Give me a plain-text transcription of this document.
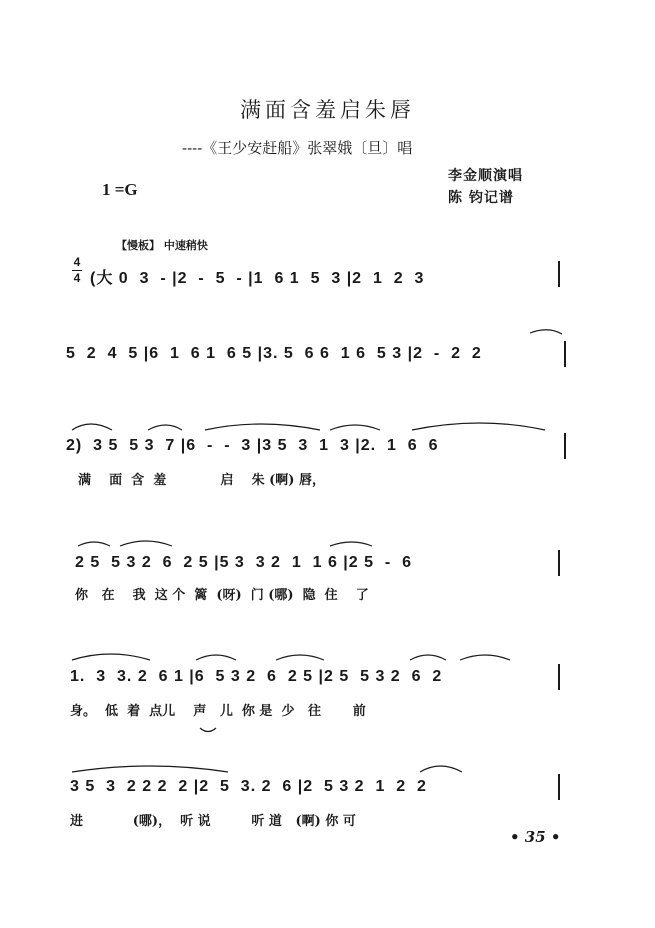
满面含羞启朱唇
----《王少安赶船》张翠娥〔旦〕唱
1 =G
李金顺演唱
陈 钧记谱
【慢板】 中速稍快
4
4 (大 0  3  - |2  -  5  - |1  6 1  5  3 |2  1  2  3
5  2  4  5 |6  1  6 1  6 5 |3. 5  6 6  1 6  5 3 |2  -  2  2
2)  3 5  5 3  7 |6  -  -  3 |3 5  3  1  3 |2.  1  6  6
满    面  含  羞            启    朱 (啊) 唇，
2 5  5 3 2  6  2 5 |5 3  3 2  1  1 6 |2 5  -  6
你   在    我  这 个  篱  (呀)  门 (哪)  隐  住    了
1.  3  3. 2  6 1 |6  5 3 2  6  2 5 |2 5  5 3 2  6  2
身。  低  着  点儿    声   儿  你 是  少   往       前
3 5  3  2 2 2  2 |2  5  3. 2  6 |2  5 3 2  1  2  2
进           (哪)，  听 说         听 道   (啊) 你 可
• 35 •
